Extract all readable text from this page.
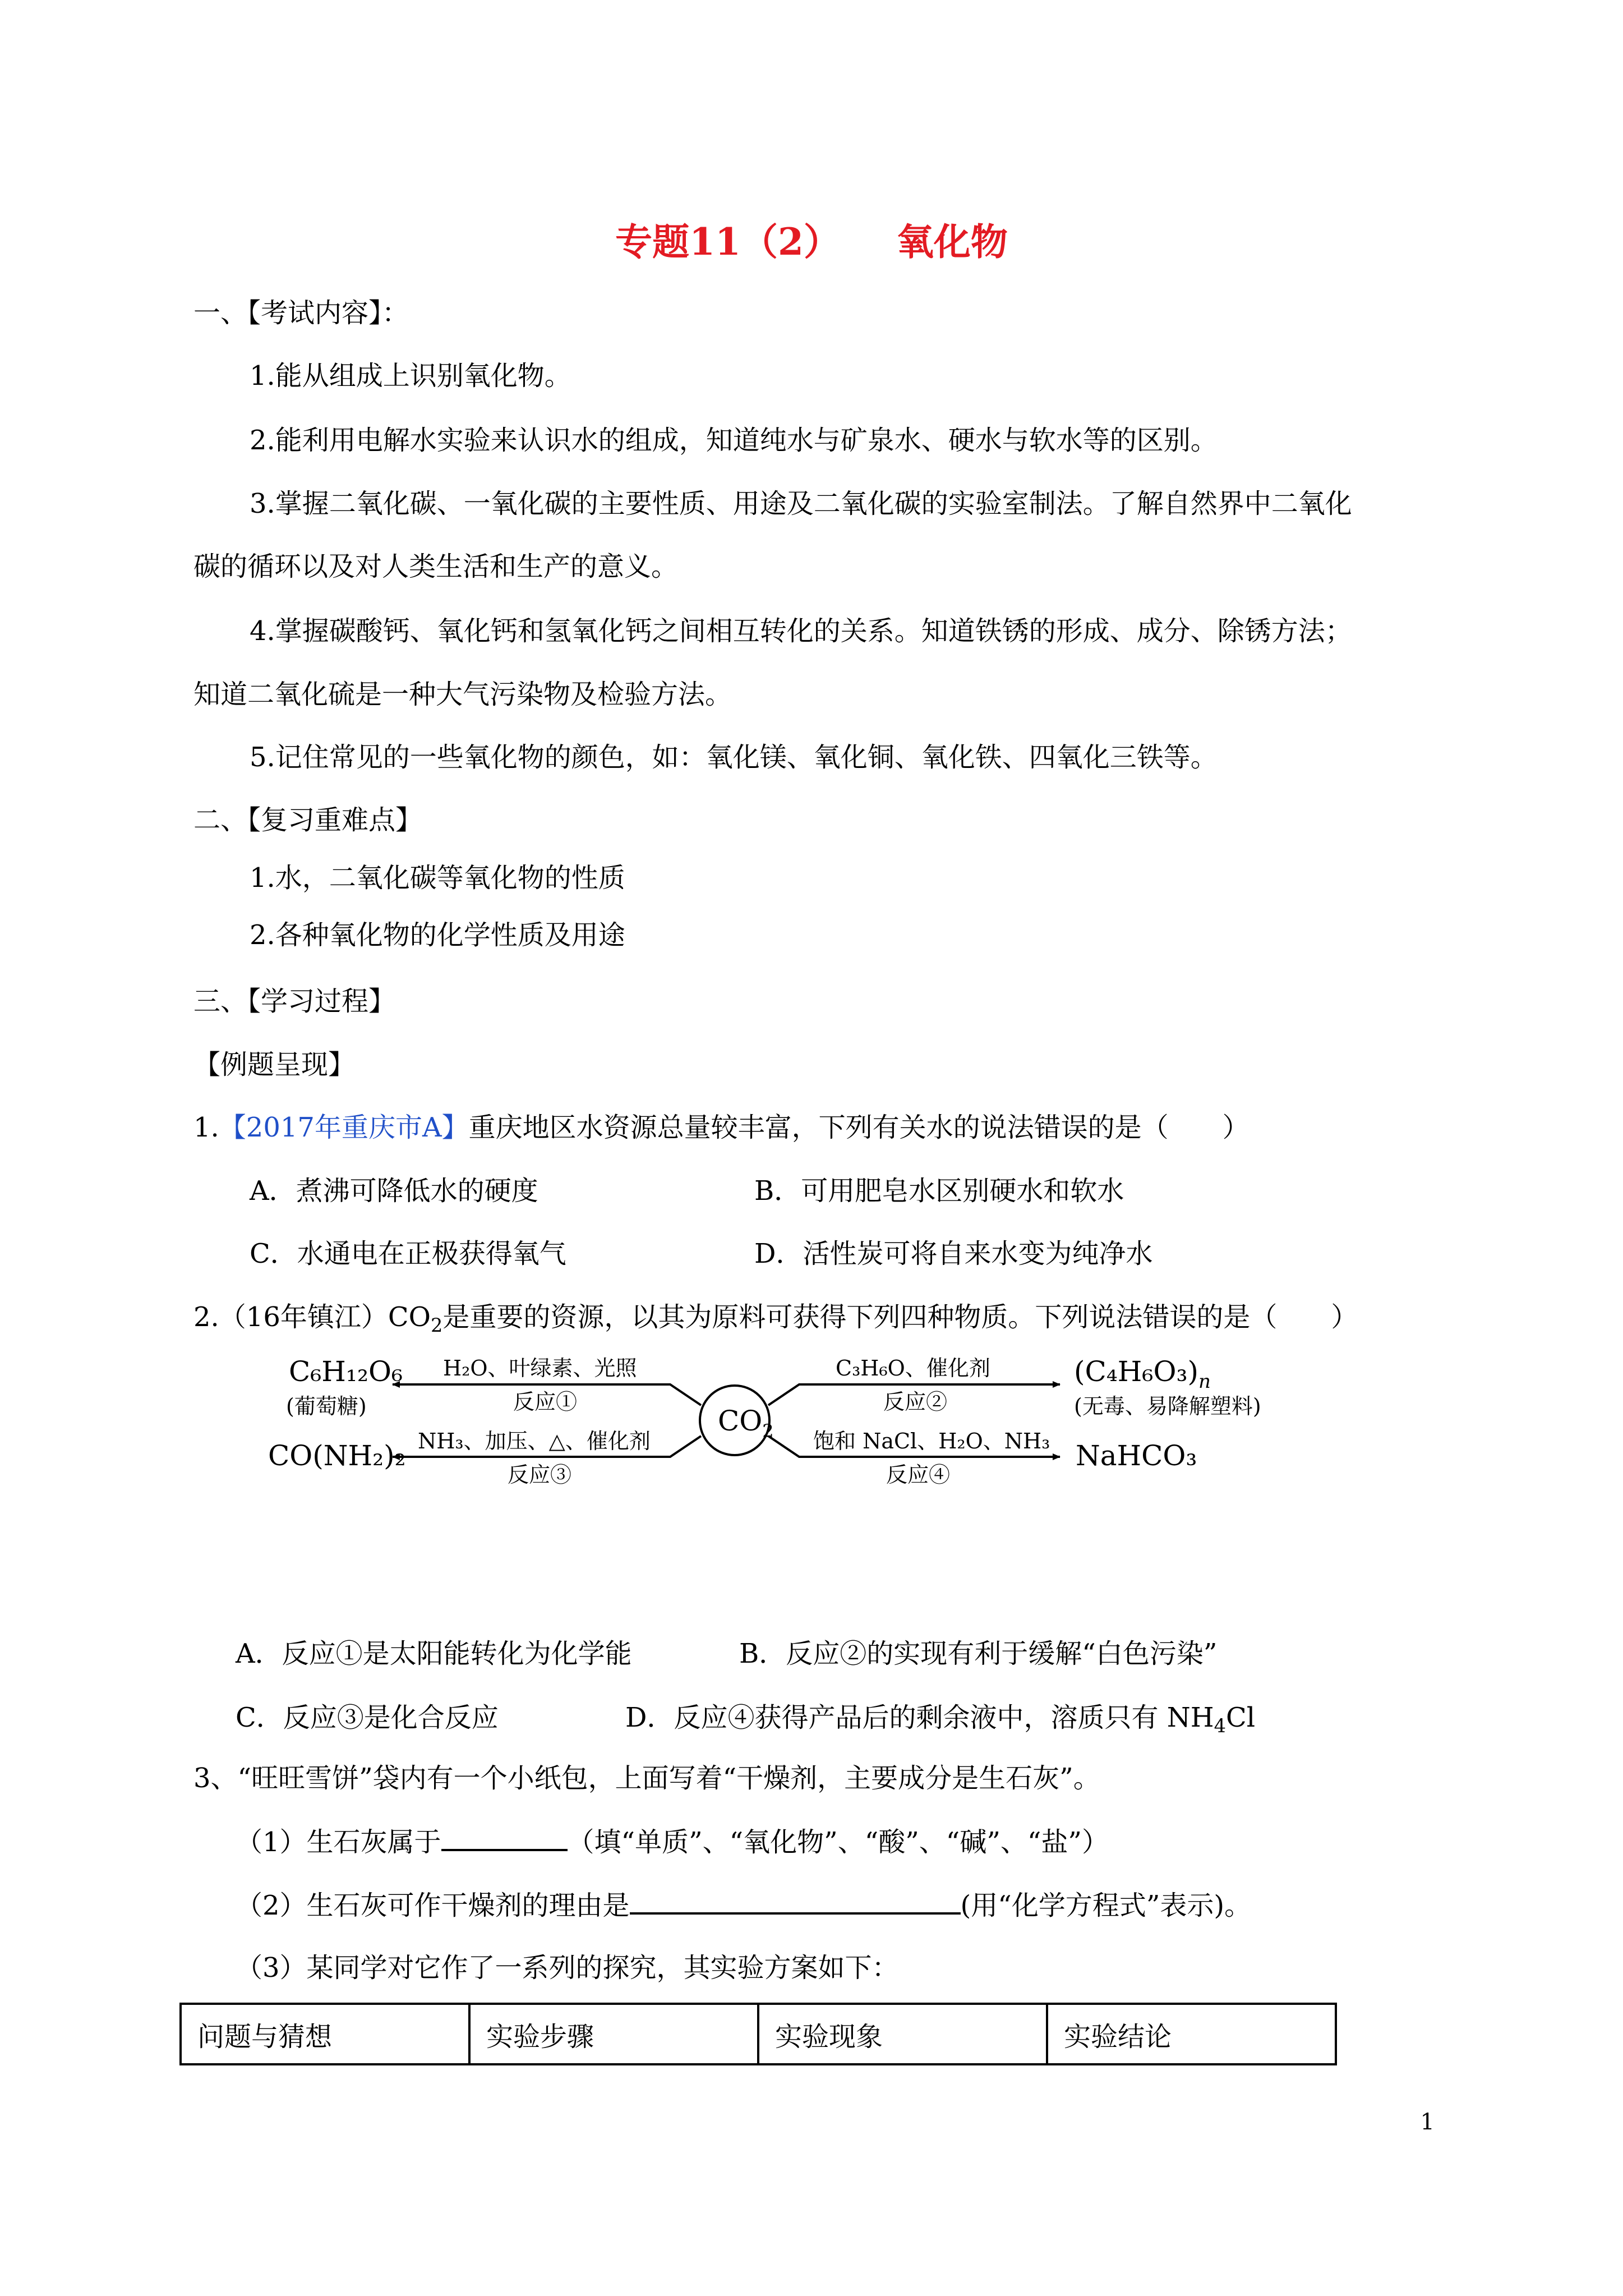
专题11（2） 氧化物
一、【考试内容】：
1.能从组成上识别氧化物。
2.能利用电解水实验来认识水的组成，知道纯水与矿泉水、硬水与软水等的区别。
3.掌握二氧化碳、一氧化碳的主要性质、用途及二氧化碳的实验室制法。了解自然界中二氧化
碳的循环以及对人类生活和生产的意义。
4.掌握碳酸钙、氧化钙和氢氧化钙之间相互转化的关系。知道铁锈的形成、成分、除锈方法；
知道二氧化硫是一种大气污染物及检验方法。
5.记住常见的一些氧化物的颜色，如：氧化镁、氧化铜、氧化铁、四氧化三铁等。
二、【复习重难点】
1.水，二氧化碳等氧化物的性质
2.各种氧化物的化学性质及用途
三、【学习过程】
【例题呈现】
1.【2017年重庆市A】重庆地区水资源总量较丰富，下列有关水的说法错误的是（　　）
A．煮沸可降低水的硬度	B．可用肥皂水区别硬水和软水
C．水通电在正极获得氧气	D．活性炭可将自来水变为纯净水
2.（16年镇江）$CO_2$是重要的资源，以其为原料可获得下列四种物质。下列说法错误的是（　　）
$CO_2$
H₂O、叶绿素、光照
反应①
C₃H₆O、催化剂
反应②
NH₃、加压、△、催化剂
反应③
饱和 NaCl、H₂O、NH₃
反应④
C₆H₁₂O₆
(葡萄糖)
$(C_4H_6O_3)_n$
(无毒、易降解塑料)
CO(NH₂)₂	NaHCO₃
A．反应①是太阳能转化为化学能	B．反应②的实现有利于缓解“白色污染”
C．反应③是化合反应	D．反应④获得产品后的剩余液中，溶质只有 $NH_4Cl$
3、“旺旺雪饼”袋内有一个小纸包，上面写着“干燥剂，主要成分是生石灰”。
（1）生石灰属于	（填“单质”、“氧化物”、“酸”、“碱”、“盐”）
（2）生石灰可作干燥剂的理由是	(用“化学方程式”表示)。
（3）某同学对它作了一系列的探究，其实验方案如下：
问题与猜想	实验步骤	实验现象	实验结论
1
